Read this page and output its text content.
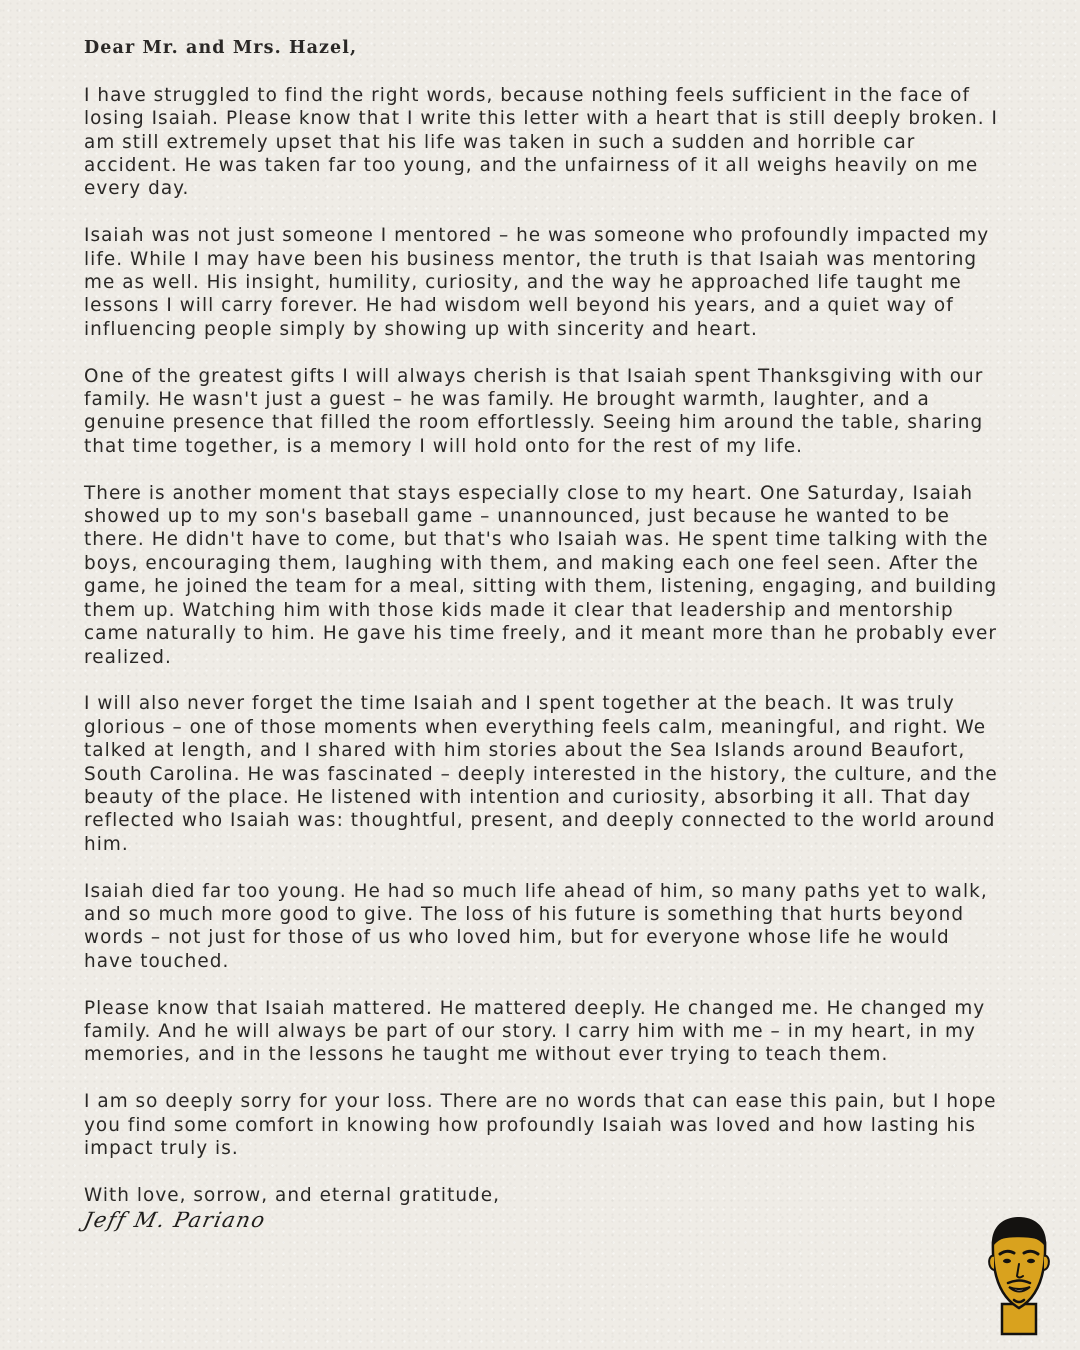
Dear Mr. and Mrs. Hazel,

I have struggled to find the right words, because nothing feels sufficient in the face of losing Isaiah. Please know that I write this letter with a heart that is still deeply broken. I am still extremely upset that his life was taken in such a sudden and horrible car accident. He was taken far too young, and the unfairness of it all weighs heavily on me every day.

Isaiah was not just someone I mentored – he was someone who profoundly impacted my life. While I may have been his business mentor, the truth is that Isaiah was mentoring me as well. His insight, humility, curiosity, and the way he approached life taught me lessons I will carry forever. He had wisdom well beyond his years, and a quiet way of influencing people simply by showing up with sincerity and heart.

One of the greatest gifts I will always cherish is that Isaiah spent Thanksgiving with our family. He wasn't just a guest – he was family. He brought warmth, laughter, and a genuine presence that filled the room effortlessly. Seeing him around the table, sharing that time together, is a memory I will hold onto for the rest of my life.

There is another moment that stays especially close to my heart. One Saturday, Isaiah showed up to my son's baseball game – unannounced, just because he wanted to be there. He didn't have to come, but that's who Isaiah was. He spent time talking with the boys, encouraging them, laughing with them, and making each one feel seen. After the game, he joined the team for a meal, sitting with them, listening, engaging, and building them up. Watching him with those kids made it clear that leadership and mentorship came naturally to him. He gave his time freely, and it meant more than he probably ever realized.

I will also never forget the time Isaiah and I spent together at the beach. It was truly glorious – one of those moments when everything feels calm, meaningful, and right. We talked at length, and I shared with him stories about the Sea Islands around Beaufort, South Carolina. He was fascinated – deeply interested in the history, the culture, and the beauty of the place. He listened with intention and curiosity, absorbing it all. That day reflected who Isaiah was: thoughtful, present, and deeply connected to the world around him.

Isaiah died far too young. He had so much life ahead of him, so many paths yet to walk, and so much more good to give. The loss of his future is something that hurts beyond words – not just for those of us who loved him, but for everyone whose life he would have touched.

Please know that Isaiah mattered. He mattered deeply. He changed me. He changed my family. And he will always be part of our story. I carry him with me – in my heart, in my memories, and in the lessons he taught me without ever trying to teach them.

I am so deeply sorry for your loss. There are no words that can ease this pain, but I hope you find some comfort in knowing how profoundly Isaiah was loved and how lasting his impact truly is.

With love, sorrow, and eternal gratitude,

Jeff M. Pariano
